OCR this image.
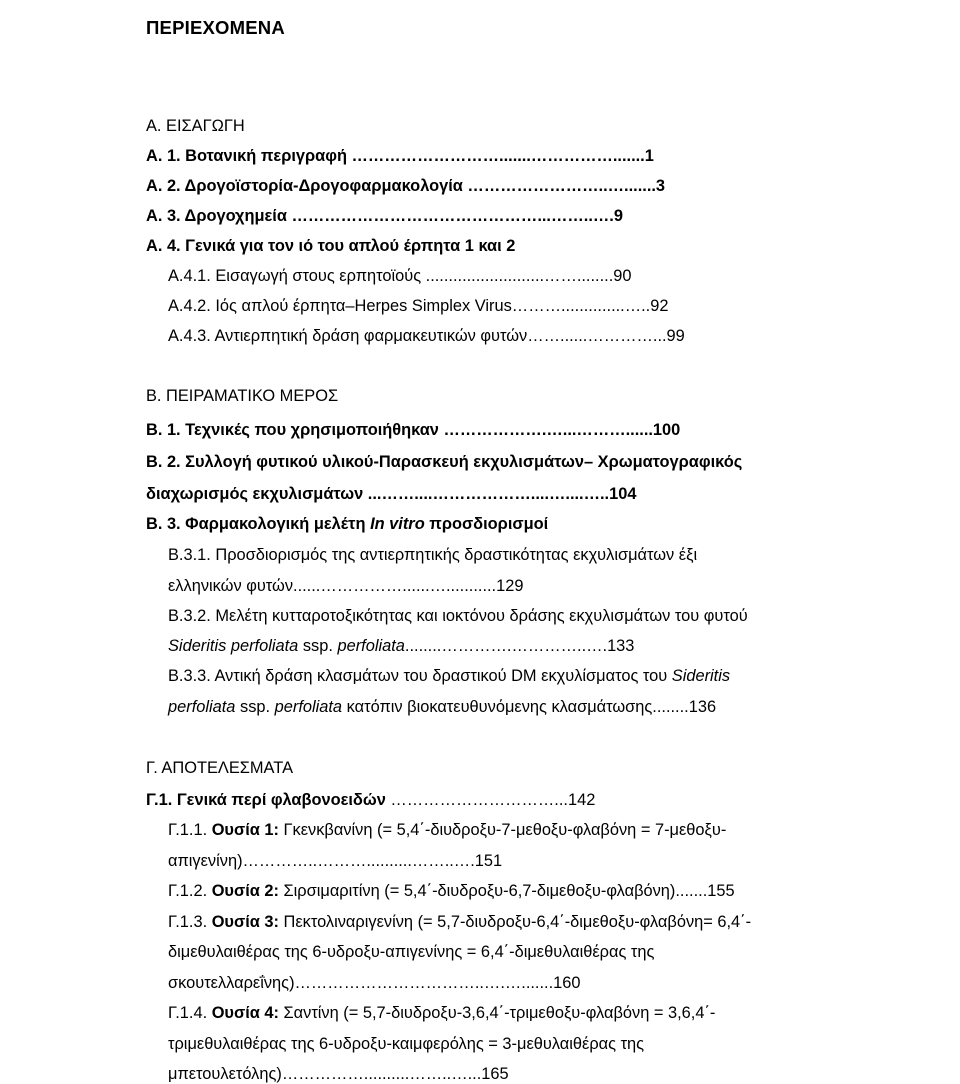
ΠΕΡΙΕΧΟΜΕΝΑ
Α. ΕΙΣΑΓΩΓΗ
Α. 1. Βοτανική περιγραφή ……………………….......…………….......1
Α. 2. Δρογοϊστορία-Δρογοφαρμακολογία ……………………..….......3
Α. 3. Δρογοχημεία ………………………………………...……..….9
Α. 4. Γενικά για τον ιό του απλού έρπητα 1 και 2
Α.4.1. Εισαγωγή στους ερπητοϊούς ..........................……........90
Α.4.2. Ιός απλού έρπητα–Herpes Simplex Virus………..............…..92
Α.4.3. Αντιερπητική δράση φαρμακευτικών φυτών……......…………...99
Β. ΠΕΙΡΑΜΑΤΙΚΟ ΜΕΡΟΣ
Β. 1. Τεχνικές που χρησιμοποιήθηκαν ……………….…...………......100
Β. 2. Συλλογή φυτικού υλικού-Παρασκευή εκχυλισμάτων– Χρωματογραφικός
διαχωρισμός εκχυλισμάτων ...……....………………....…....…..104
Β. 3. Φαρμακολογική μελέτη In vitro προσδιορισμοί
Β.3.1. Προσδιορισμός της αντιερπητικής δραστικότητας εκχυλισμάτων έξι
ελληνικών φυτών......……………......…...........129
Β.3.2. Μελέτη κυτταροτοξικότητας και ιοκτόνου δράσης εκχυλισμάτων του φυτού
Sideritis perfoliata ssp. perfoliata........………….…………..….133
Β.3.3. Αντική δράση κλασμάτων του δραστικού DM εκχυλίσματος του Sideritis
perfoliata ssp. perfoliata κατόπιν βιοκατευθυνόμενης κλασμάτωσης........136
Γ. ΑΠΟΤΕΛΕΣΜΑΤΑ
Γ.1. Γενικά περί φλαβονοειδών …………………………...142
Γ.1.1. Ουσία 1: Γκενκβανίνη (= 5,4΄-διυδροξυ-7-μεθοξυ-φλαβόνη = 7-μεθοξυ-
απιγενίνη)…………..………..........……..….151
Γ.1.2. Ουσία 2: Σιρσιμαριτίνη (= 5,4΄-διυδροξυ-6,7-διμεθοξυ-φλαβόνη).......155
Γ.1.3. Ουσία 3: Πεκτολιναριγενίνη (= 5,7-διυδροξυ-6,4΄-διμεθοξυ-φλαβόνη= 6,4΄-
διμεθυλαιθέρας της 6-υδροξυ-απιγενίνης = 6,4΄-διμεθυλαιθέρας της
σκουτελλαρεΐνης)……………………………..….….......160
Γ.1.4. Ουσία 4: Σαντίνη (= 5,7-διυδροξυ-3,6,4΄-τριμεθοξυ-φλαβόνη = 3,6,4΄-
τριμεθυλαιθέρας της 6-υδροξυ-καιμφερόλης = 3-μεθυλαιθέρας της
μπετουλετόλης)……………..........……..…...165
